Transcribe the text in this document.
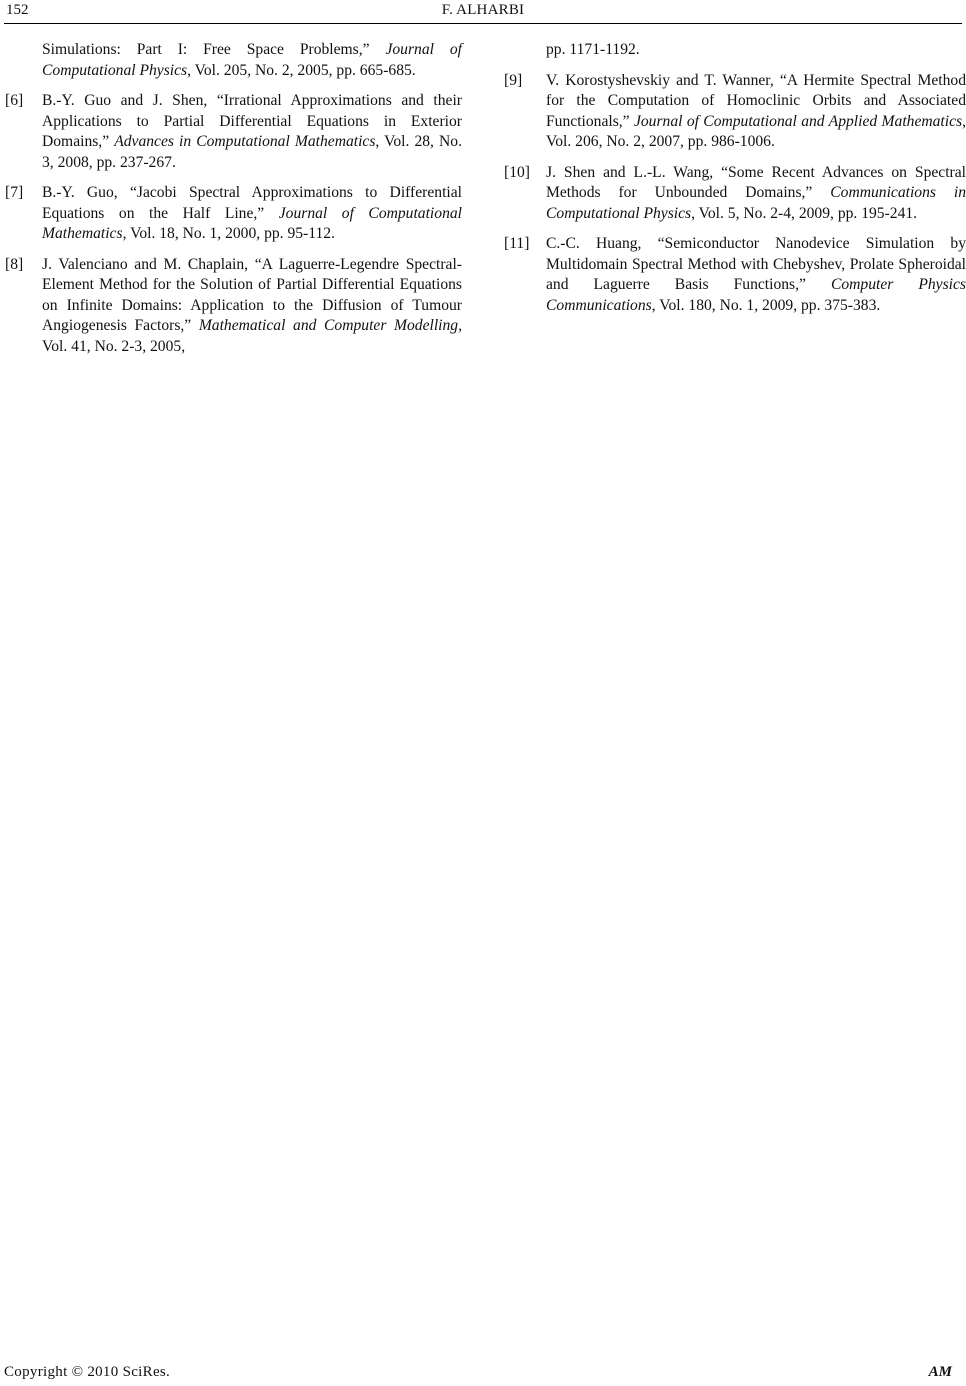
152	F. ALHARBI
Simulations: Part I: Free Space Problems,” Journal of Computational Physics, Vol. 205, No. 2, 2005, pp. 665-685.
[6] B.-Y. Guo and J. Shen, “Irrational Approximations and their Applications to Partial Differential Equations in Exterior Domains,” Advances in Computational Mathematics, Vol. 28, No. 3, 2008, pp. 237-267.
[7] B.-Y. Guo, “Jacobi Spectral Approximations to Differential Equations on the Half Line,” Journal of Computational Mathematics, Vol. 18, No. 1, 2000, pp. 95-112.
[8] J. Valenciano and M. Chaplain, “A Laguerre-Legendre Spectral-Element Method for the Solution of Partial Differential Equations on Infinite Domains: Application to the Diffusion of Tumour Angiogenesis Factors,” Mathematical and Computer Modelling, Vol. 41, No. 2-3, 2005,
pp. 1171-1192.
[9] V. Korostyshevskiy and T. Wanner, “A Hermite Spectral Method for the Computation of Homoclinic Orbits and Associated Functionals,” Journal of Computational and Applied Mathematics, Vol. 206, No. 2, 2007, pp. 986-1006.
[10] J. Shen and L.-L. Wang, “Some Recent Advances on Spectral Methods for Unbounded Domains,” Communications in Computational Physics, Vol. 5, No. 2-4, 2009, pp. 195-241.
[11] C.-C. Huang, “Semiconductor Nanodevice Simulation by Multidomain Spectral Method with Chebyshev, Prolate Spheroidal and Laguerre Basis Functions,” Computer Physics Communications, Vol. 180, No. 1, 2009, pp. 375-383.
Copyright © 2010 SciRes.	AM
